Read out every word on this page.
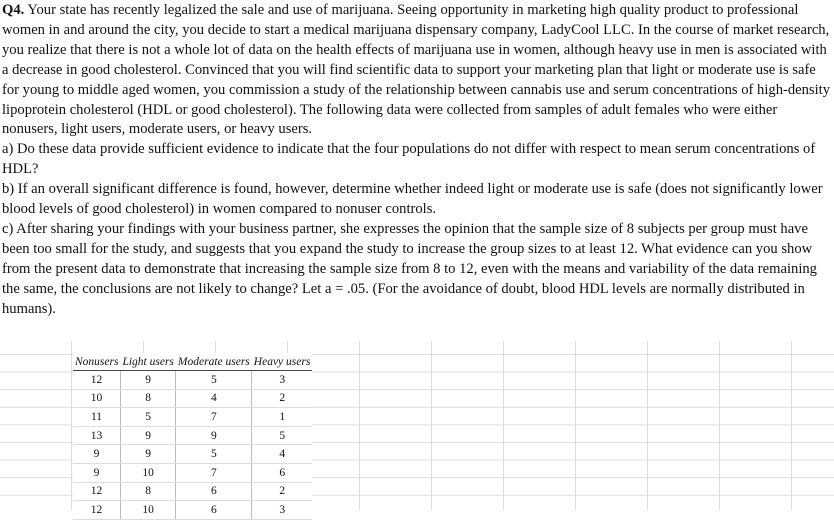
Q4. Your state has recently legalized the sale and use of marijuana. Seeing opportunity in marketing high quality product to professional women in and around the city, you decide to start a medical marijuana dispensary company, LadyCool LLC. In the course of market research, you realize that there is not a whole lot of data on the health effects of marijuana use in women, although heavy use in men is associated with a decrease in good cholesterol. Convinced that you will find scientific data to support your marketing plan that light or moderate use is safe for young to middle aged women, you commission a study of the relationship between cannabis use and serum concentrations of high-density lipoprotein cholesterol (HDL or good cholesterol). The following data were collected from samples of adult females who were either nonusers, light users, moderate users, or heavy users.

a) Do these data provide sufficient evidence to indicate that the four populations do not differ with respect to mean serum concentrations of HDL?

b) If an overall significant difference is found, however, determine whether indeed light or moderate use is safe (does not significantly lower blood levels of good cholesterol) in women compared to nonuser controls.

c) After sharing your findings with your business partner, she expresses the opinion that the sample size of 8 subjects per group must have been too small for the study, and suggests that you expand the study to increase the group sizes to at least 12. What evidence can you show from the present data to demonstrate that increasing the sample size from 8 to 12, even with the means and variability of the data remaining the same, the conclusions are not likely to change? Let a = .05. (For the avoidance of doubt, blood HDL levels are normally distributed in humans).

Nonusers	Light users	Moderate users	Heavy users
12	9	5	3
10	8	4	2
11	5	7	1
13	9	9	5
9	9	5	4
9	10	7	6
12	8	6	2
12	10	6	3
